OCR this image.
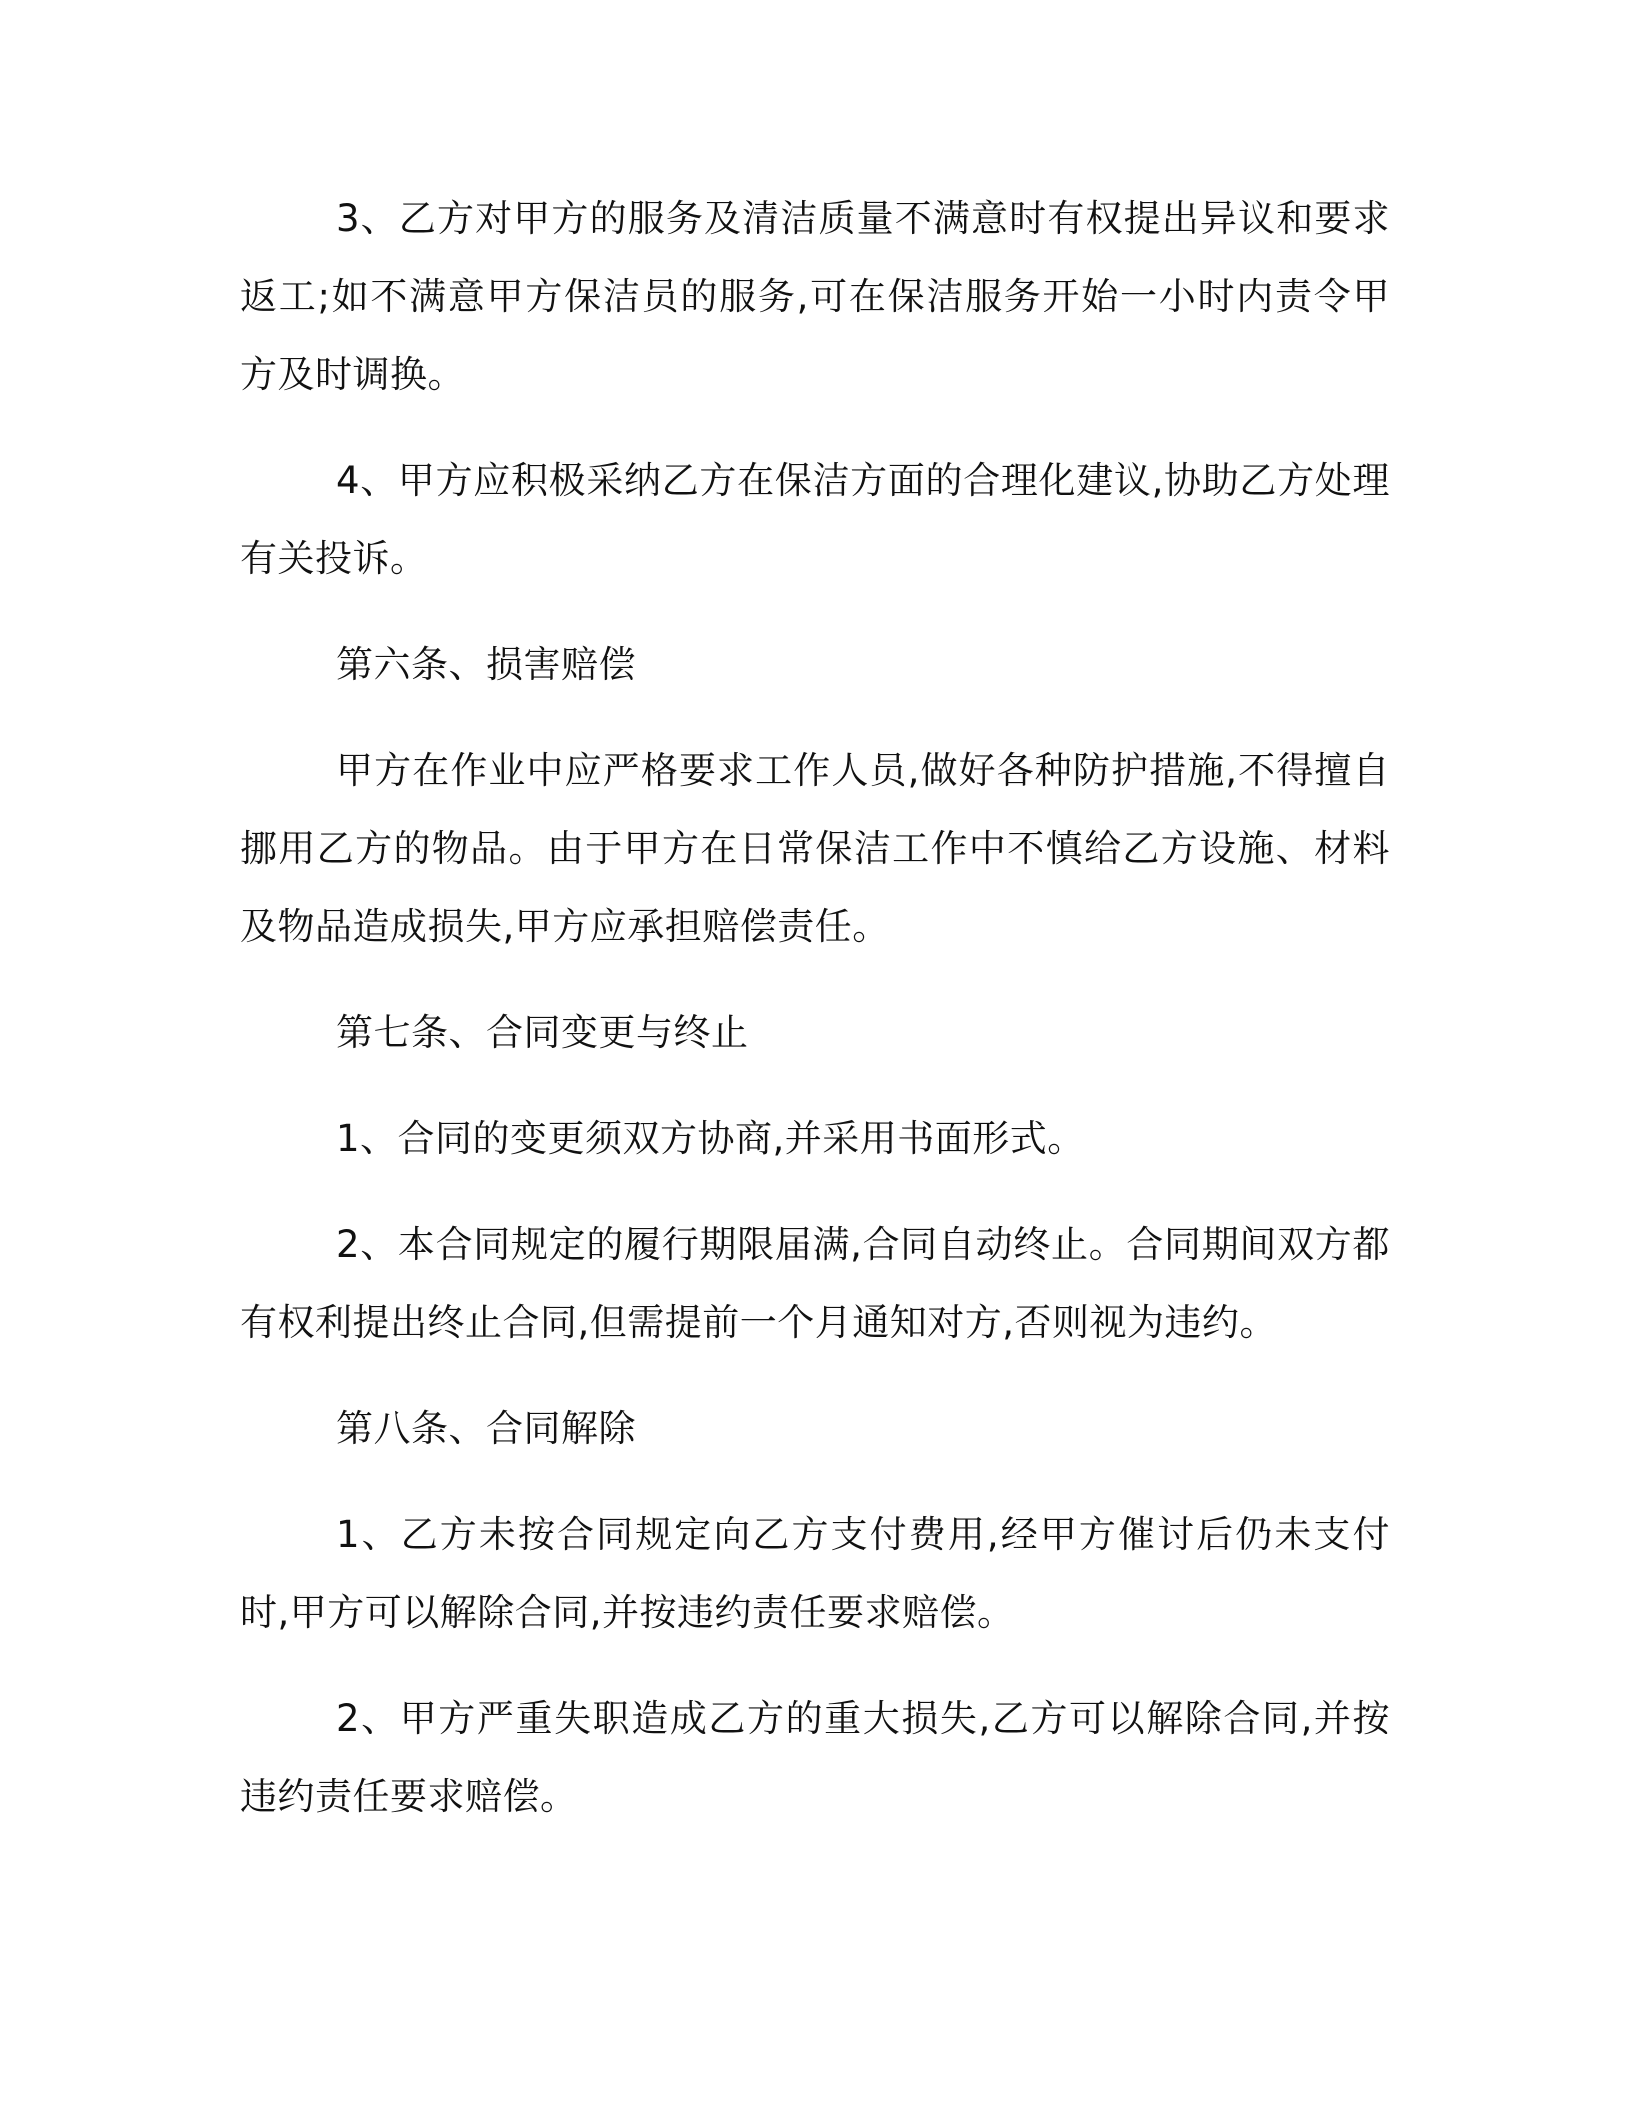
3、乙方对甲方的服务及清洁质量不满意时有权提出异议和要求返工;如不满意甲方保洁员的服务,可在保洁服务开始一小时内责令甲方及时调换。

4、甲方应积极采纳乙方在保洁方面的合理化建议,协助乙方处理有关投诉。

第六条、损害赔偿

甲方在作业中应严格要求工作人员,做好各种防护措施,不得擅自挪用乙方的物品。由于甲方在日常保洁工作中不慎给乙方设施、材料及物品造成损失,甲方应承担赔偿责任。

第七条、合同变更与终止

1、合同的变更须双方协商,并采用书面形式。

2、本合同规定的履行期限届满,合同自动终止。合同期间双方都有权利提出终止合同,但需提前一个月通知对方,否则视为违约。

第八条、合同解除

1、乙方未按合同规定向乙方支付费用,经甲方催讨后仍未支付时,甲方可以解除合同,并按违约责任要求赔偿。

2、甲方严重失职造成乙方的重大损失,乙方可以解除合同,并按违约责任要求赔偿。
